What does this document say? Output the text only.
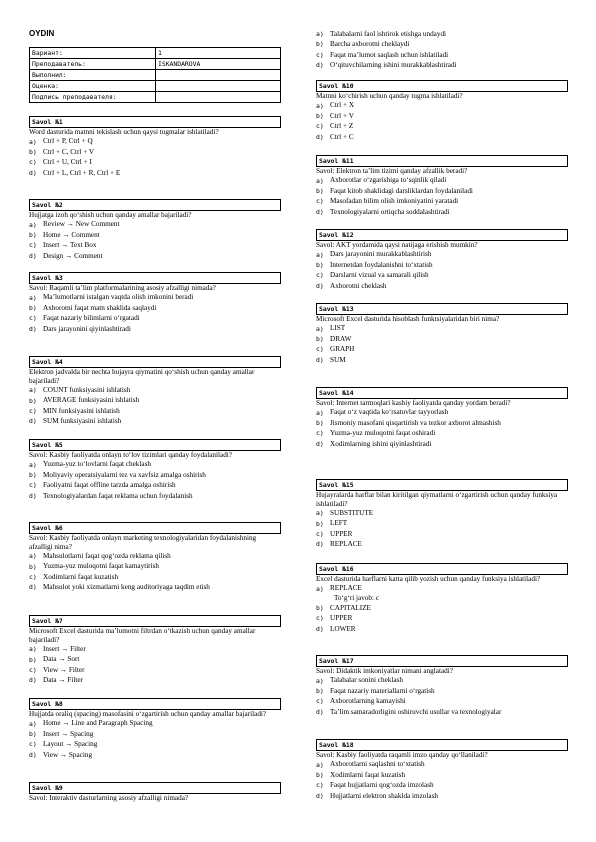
OYDIN
Вариант:	1
Преподаватель:	ISKANDAROVA
Выполнил:	
Оценка:	
Подпись преподавателя:	
Savol №1
Word dasturida matnni tekislash uchun qaysi tugmalar ishlatiladi?
a) Ctrl + P, Ctrl + Q
b) Ctrl + C, Ctrl + V
c) Ctrl + U, Ctrl + I
d) Ctrl + L, Ctrl + R, Ctrl + E
Savol №2
Hujjatga izoh qo‘shish uchun qanday amallar bajariladi?
a) Review → New Comment
b) Home → Comment
c) Insert → Text Box
d) Design → Comment
Savol №3
Savol: Raqamli ta’lim platformalarining asosiy afzalligi nimada?
a) Ma’lumotlarni istalgan vaqtda olish imkonini beradi
b) Axborotni faqat matn shaklida saqlaydi
c) Faqat nazariy bilimlarni o‘rgatadi
d) Dars jarayonini qiyinlashtiradi
Savol №4
Elektron jadvalda bir nechta hujayra qiymatini qo‘shish uchun qanday amallar bajariladi?
a) COUNT funksiyasini ishlatish
b) AVERAGE funksiyasini ishlatish
c) MIN funksiyasini ishlatish
d) SUM funksiyasini ishlatish
Savol №5
Savol: Kasbiy faoliyatda onlayn to‘lov tizimlari qanday foydalaniladi?
a) Yuzma-yuz to‘lovlarni faqat cheklash
b) Moliyaviy operatsiyalarni tez va xavfsiz amalga oshirish
c) Faoliyatni faqat offline tarzda amalga oshirish
d) Texnologiyalardan faqat reklama uchun foydalanish
Savol №6
Savol: Kasbiy faoliyatda onlayn marketing texnologiyalaridan foydalanishning afzalligi nima?
a) Mahsulotlarni faqat qog‘ozda reklama qilish
b) Yuzma-yuz muloqotni faqat kamaytirish
c) Xodimlarni faqat kuzatish
d) Mahsulot yoki xizmatlarni keng auditoriyaga taqdim etish
Savol №7
Microsoft Excel dasturida ma’lumotni filtrdan o‘tkazish uchun qanday amallar bajariladi?
a) Insert → Filter
b) Data → Sort
c) View → Filter
d) Data → Filter
Savol №8
Hujjatda oraliq (spacing) masofasini o‘zgartirish uchun qanday amallar bajariladi?
a) Home → Line and Paragraph Spacing
b) Insert → Spacing
c) Layout → Spacing
d) View → Spacing
Savol №9
Savol: Interaktiv dasturlarning asosiy afzalligi nimada?
a) Talabalarni faol ishtirok etishga undaydi
b) Barcha axborotni cheklaydi
c) Faqat ma’lumot saqlash uchun ishlatiladi
d) O‘qituvchilarning ishini murakkablashtiradi
Savol №10
Matnni ko‘chirish uchun qanday tugma ishlatiladi?
a) Ctrl + X
b) Ctrl + V
c) Ctrl + Z
d) Ctrl + C
Savol №11
Savol: Elektron ta’lim tizimi qanday afzallik beradi?
a) Axborotlar o‘zgarishiga to‘sqinlik qiladi
b) Faqat kitob shaklidagi darsliklardan foydalaniladi
c) Masofadan bilim olish imkoniyatini yaratadi
d) Texnologiyalarni ortiqcha soddalashtiradi
Savol №12
Savol: AKT yordamida qaysi natijaga erishish mumkin?
a) Dars jarayonini murakkablashtirish
b) Internetdan foydalanishni to‘xtatish
c) Darslarni vizual va samarali qilish
d) Axborotni cheklash
Savol №13
Microsoft Excel dasturida hisoblash funktsiyalaridan biri nima?
a) LIST
b) DRAW
c) GRAPH
d) SUM
Savol №14
Savol: Internet tarmoqlari kasbiy faoliyatda qanday yordam beradi?
a) Faqat o‘z vaqtida ko‘rsatuvlar tayyorlash
b) Jismoniy masofani qisqartirish va tezkor axborot almashish
c) Yuzma-yuz muloqotni faqat oshiradi
d) Xodimlarning ishini qiyinlashtiradi
Savol №15
Hujayralarda harflar bilan kiritilgan qiymatlarni o‘zgartirish uchun qanday funksiya ishlatiladi?
a) SUBSTITUTE
b) LEFT
c) UPPER
d) REPLACE
Savol №16
Excel dasturida harflarni katta qilib yozish uchun qanday funksiya ishlatiladi?
a) REPLACE
To‘g‘ri javob: c
b) CAPITALIZE
c) UPPER
d) LOWER
Savol №17
Savol: Didaktik imkoniyatlar nimani anglatadi?
a) Talabalar sonini cheklash
b) Faqat nazariy materiallarni o‘rgatish
c) Axborotlarning kamayishi
d) Ta’lim samaradorligini oshiruvchi usullar va texnologiyalar
Savol №18
Savol: Kasbiy faoliyatda raqamli imzo qanday qo‘llaniladi?
a) Axborotlarni saqlashni to‘xtatish
b) Xodimlarni faqat kuzatish
c) Faqat hujjatlarni qog‘ozda imzolash
d) Hujjatlarni elektron shaklda imzolash
